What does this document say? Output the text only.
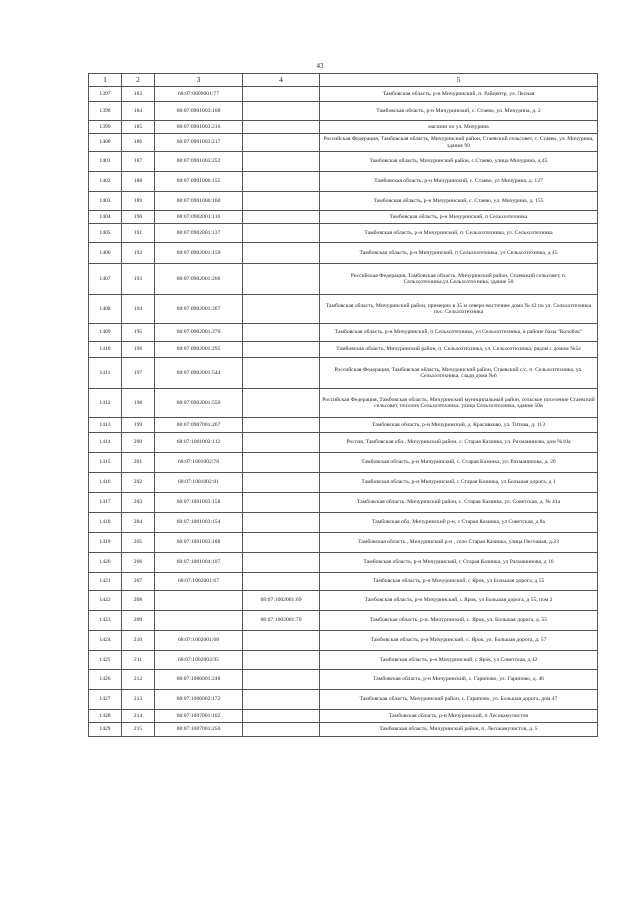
43
1	2	3	4	5
1397	183	68:07:0809001:77		Тамбовская область, р-н Мичуринский, п. Райцентр, ул. Лесная
1398	184	68:07:0901003:168		Тамбовская область, р-н Мичуринский, с. Стаево, ул. Мичурина, д. 2
1399	185	68:07:0901003:216		магазин по ул. Мичурина
1400	186	68:07:0901003:217		Российская Федерация, Тамбовская область, Мичуринский район, Стаевский сельсовет, с. Стаево, ул. Мичурина, здание 99
1401	187	68:07:0901003:252		Тамбовская область, Мичуринский район, с.Стаево, улица Мичурина, д.45
1402	188	68:07:0901006:155		Тамбовская область, р-н Мичуринский, с. Стаево, ул Мичурина, д. 127
1403	189	68:07:0901006:160		Тамбовская область, р-н Мичуринский, с. Стаево, ул. Мичурина, д. 155
1404	190	68:07:0902001:116		Тамбовская область, р-н Мичуринский, п Сельхозтехника
1405	191	68:07:0902001:137		Тамбовская область, р-н Мичуринский, п. Сельхозтехника, ул. Сельхозтехника
1406	192	68:07:0902001:159		Тамбовская область, р-н Мичуринский, п Сельхозтехника, ул Сельхозтехника, д 45
1407	193	68:07:0902001:266		Российская Федерация, Тамбовская область, Мичуринский район, Стаевский сельсовет, п. Сельхозтехника,ул.Сельхозтехника, здание 50
1408	194	68:07:0902001:267		Тамбовская область, Мичуринский район, примерно в 35 м северо-восточнее дома № 42 по ул. Сельхозтехника пос. Сельхозтехника
1409	195	68:07:0902001:270		Тамбовская область, р-н Мичуринский, п Сельхозтехника, ул Сельхозтехника, в районе базы "Колобок"
1410	196	68:07:0902001:295		Тамбовская область, Мичуринский район, п. Сельхозтехника, ул. Сельхозтехника, рядом с домом №5а
1411	197	68:07:0902001:544		Российская Федерация, Тамбовская область, Мичуринский район, Стаевский с/с, п. Сельхозтехника, ул. Сельхозтехника, сзади дома №6
1412	198	68:07:0902001:550		Российская Федерация, Тамбовская область, Мичуринский муниципальный район, сельское поселение Стаевский сельсовет, поселок Сельхозтехника, улица Сельхозтехника, здание 50в
1413	199	68:07:0907001:267		Тамбовская область, р-н Мичуринский, д. Красивково, ул. Титова, д. 113
1414	200	68:07:1001002:112		Россия, Тамбовская обл., Мичуринский район, с. Старая Казинка, ул. Рахманинова, дом №10а
1415	201	68:07:1001002:78		Тамбовская область, р-н Мичуринский, с. Старая Казинка, ул. Рахманинова, д. 20
1416	202	68:07:1001002:81		Тамбовская область, р-н Мичуринский, с Старая Казинка, ул Большая дорога, д 1
1417	203	68:07:1001003:158		Тамбовская область. Мичуринский район, с. Старая Казинка. ул. Советская, д. № 41а
1418	204	68:07:1001003:154		Тамбовская обл, Мичуринский р-н, с Старая Казинка, ул Советская, д 8а
1419	205	68:07:1001003:188		Тамбовская область , Мичуринский р-н , село Старая Казинка, улица Песчаная, д.23
1420	206	68:07:1001004:107		Тамбовская область, р-н Мичуринский, с Старая Казинка, ул Рахманинова, д 16
1421	207	68:07:1002001:67		Тамбовская область, р-н Мичуринский, с Ярок, ул Большая дорога, д 55
1422	208		68:07:1002001:69	Тамбовская область, р-н Мичуринский, с Ярок, ул Большая дорога, д 55, пом 2
1423	209		68:07:1002001:70	Тамбовская область, р-н. Мичуринский, с. Ярок, ул. Большая дорога, д. 55
1424	210	68:07:1002001:68		Тамбовская область, р-н Мичуринский, с. Ярок, ул. Большая дорога, д. 57
1425	211	68:07:1002003:95		Тамбовская область, р-н Мичуринский, с Ярок, ул Советская, д 42
1426	212	68:07:1006001:248		Тамбовская область, р-н Мичуринский, с. Гарипово, ул. Гарипово, д. 46
1427	213	68:07:1006002:172		Тамбовская область, Мичуринский район, с. Гарипово, ул. Большая дорога, дом 47
1428	214	68:07:1007001:102		Тамбовская область, р-н Мичуринский, п Лесокамучистов
1429	215	68:07:1007001:256		Тамбовская область, Мичуринский район, п. Лесокамучистов, д. 5
